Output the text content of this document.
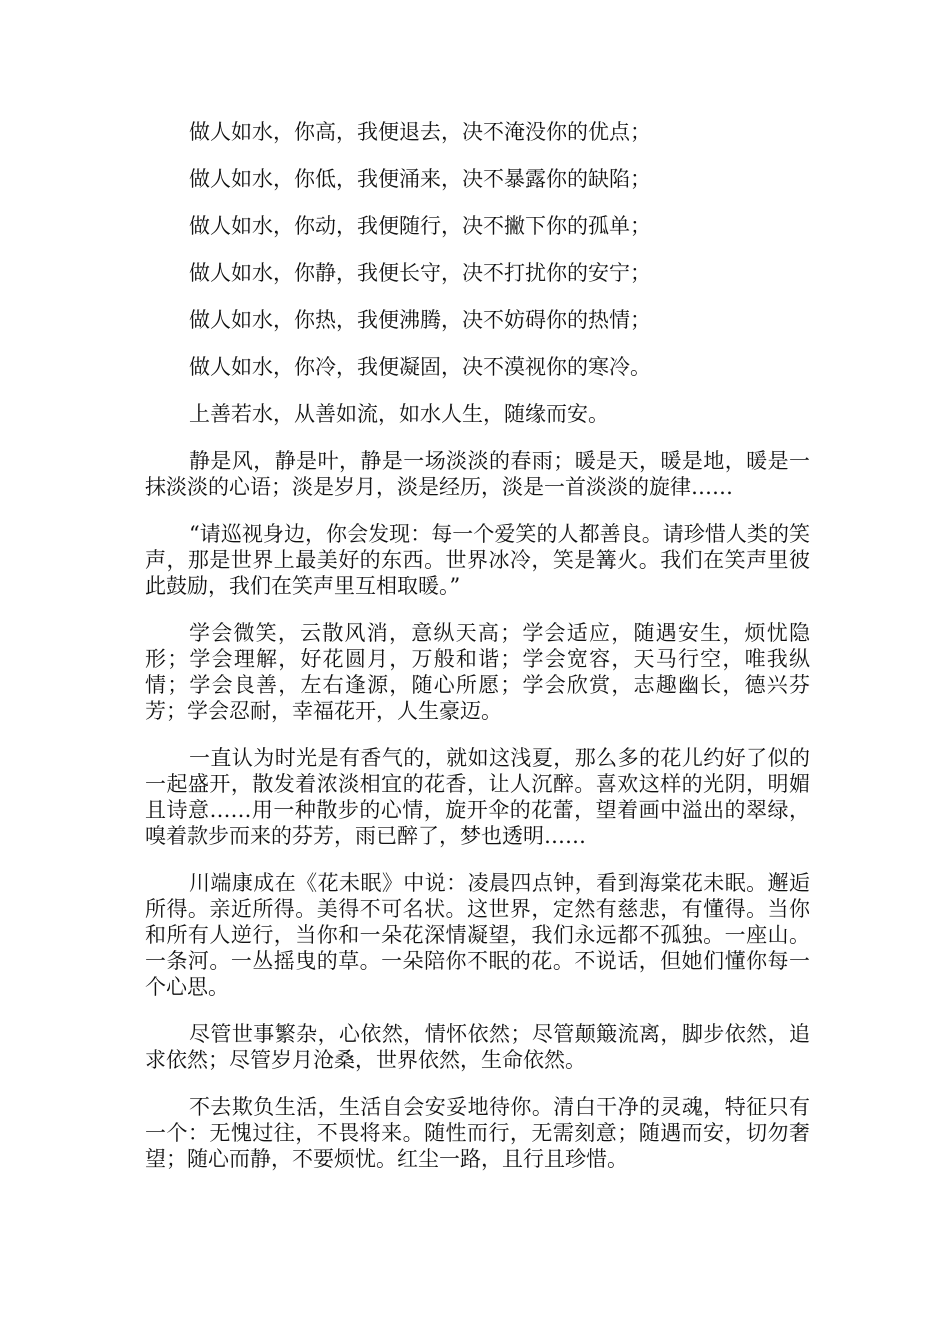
做人如水，你高，我便退去，决不淹没你的优点；
做人如水，你低，我便涌来，决不暴露你的缺陷；
做人如水，你动，我便随行，决不撇下你的孤单；
做人如水，你静，我便长守，决不打扰你的安宁；
做人如水，你热，我便沸腾，决不妨碍你的热情；
做人如水，你冷，我便凝固，决不漠视你的寒冷。
上善若水，从善如流，如水人生，随缘而安。

静是风，静是叶，静是一场淡淡的春雨；暖是天，暖是地，暖是一抹淡淡的心语；淡是岁月，淡是经历，淡是一首淡淡的旋律……

“请巡视身边，你会发现：每一个爱笑的人都善良。请珍惜人类的笑声，那是世界上最美好的东西。世界冰冷，笑是篝火。我们在笑声里彼此鼓励，我们在笑声里互相取暖。”

学会微笑，云散风消，意纵天高；学会适应，随遇安生，烦忧隐形；学会理解，好花圆月，万般和谐；学会宽容，天马行空，唯我纵情；学会良善，左右逢源，随心所愿；学会欣赏，志趣幽长，德兴芬芳；学会忍耐，幸福花开，人生豪迈。

一直认为时光是有香气的，就如这浅夏，那么多的花儿约好了似的一起盛开，散发着浓淡相宜的花香，让人沉醉。喜欢这样的光阴，明媚且诗意……用一种散步的心情，旋开伞的花蕾，望着画中溢出的翠绿，嗅着款步而来的芬芳，雨已醉了，梦也透明……

川端康成在《花未眠》中说：凌晨四点钟，看到海棠花未眠。邂逅所得。亲近所得。美得不可名状。这世界，定然有慈悲，有懂得。当你和所有人逆行，当你和一朵花深情凝望，我们永远都不孤独。一座山。一条河。一丛摇曳的草。一朵陪你不眠的花。不说话，但她们懂你每一个心思。

尽管世事繁杂，心依然，情怀依然；尽管颠簸流离，脚步依然，追求依然；尽管岁月沧桑，世界依然，生命依然。

不去欺负生活，生活自会安妥地待你。清白干净的灵魂，特征只有一个：无愧过往，不畏将来。随性而行，无需刻意；随遇而安，切勿奢望；随心而静，不要烦忧。红尘一路，且行且珍惜。
